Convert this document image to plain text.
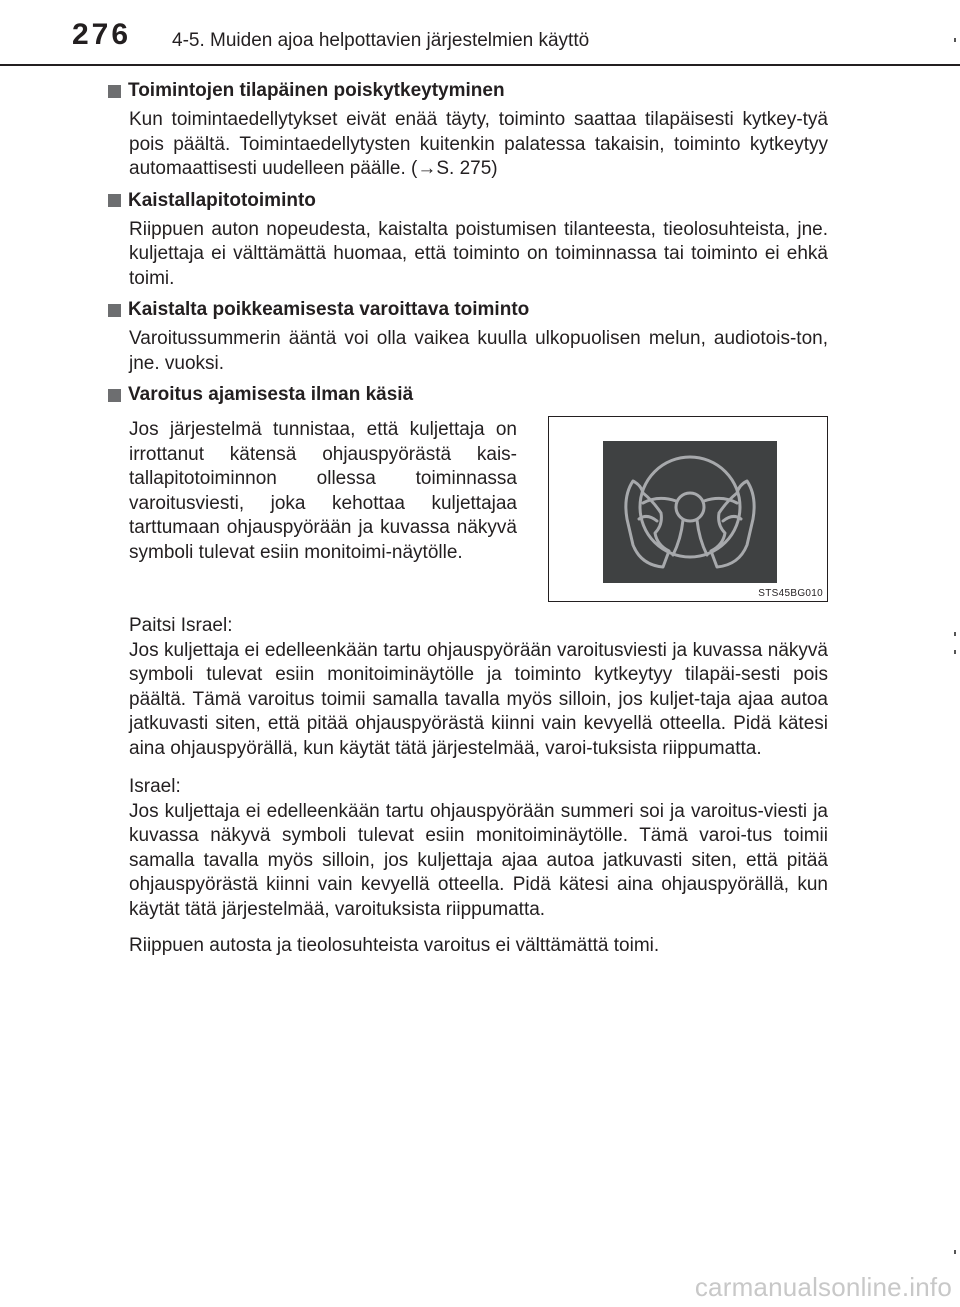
276 4-5. Muiden ajoa helpottavien järjestelmien käyttö
Toimintojen tilapäinen poiskytkeytyminen

Kun toimintaedellytykset eivät enää täyty, toiminto saattaa tilapäisesti kytkey-tyä pois päältä. Toimintaedellytysten kuitenkin palatessa takaisin, toiminto kytkeytyy automaattisesti uudelleen päälle. (→S. 275)

Kaistallapitotoiminto

Riippuen auton nopeudesta, kaistalta poistumisen tilanteesta, tieolosuhteista, jne. kuljettaja ei välttämättä huomaa, että toiminto on toiminnassa tai toiminto ei ehkä toimi.

Kaistalta poikkeamisesta varoittava toiminto

Varoitussummerin ääntä voi olla vaikea kuulla ulkopuolisen melun, audiotois-ton, jne. vuoksi.

Varoitus ajamisesta ilman käsiä

Jos järjestelmä tunnistaa, että kuljettaja on irrottanut kätensä ohjauspyörästä kais-tallapitotoiminnon ollessa toiminnassa varoitusviesti, joka kehottaa kuljettajaa tarttumaan ohjauspyörään ja kuvassa näkyvä symboli tulevat esiin monitoimi-näytölle.

STS45BG010

Paitsi Israel:
Jos kuljettaja ei edelleenkään tartu ohjauspyörään varoitusviesti ja kuvassa näkyvä symboli tulevat esiin monitoiminäytölle ja toiminto kytkeytyy tilapäi-sesti pois päältä. Tämä varoitus toimii samalla tavalla myös silloin, jos kuljet-taja ajaa autoa jatkuvasti siten, että pitää ohjauspyörästä kiinni vain kevyellä otteella. Pidä kätesi aina ohjauspyörällä, kun käytät tätä järjestelmää, varoi-tuksista riippumatta.

Israel:
Jos kuljettaja ei edelleenkään tartu ohjauspyörään summeri soi ja varoitus-viesti ja kuvassa näkyvä symboli tulevat esiin monitoiminäytölle. Tämä varoi-tus toimii samalla tavalla myös silloin, jos kuljettaja ajaa autoa jatkuvasti siten, että pitää ohjauspyörästä kiinni vain kevyellä otteella. Pidä kätesi aina ohjauspyörällä, kun käytät tätä järjestelmää, varoituksista riippumatta.

Riippuen autosta ja tieolosuhteista varoitus ei välttämättä toimi.

carmanualsonline.info
